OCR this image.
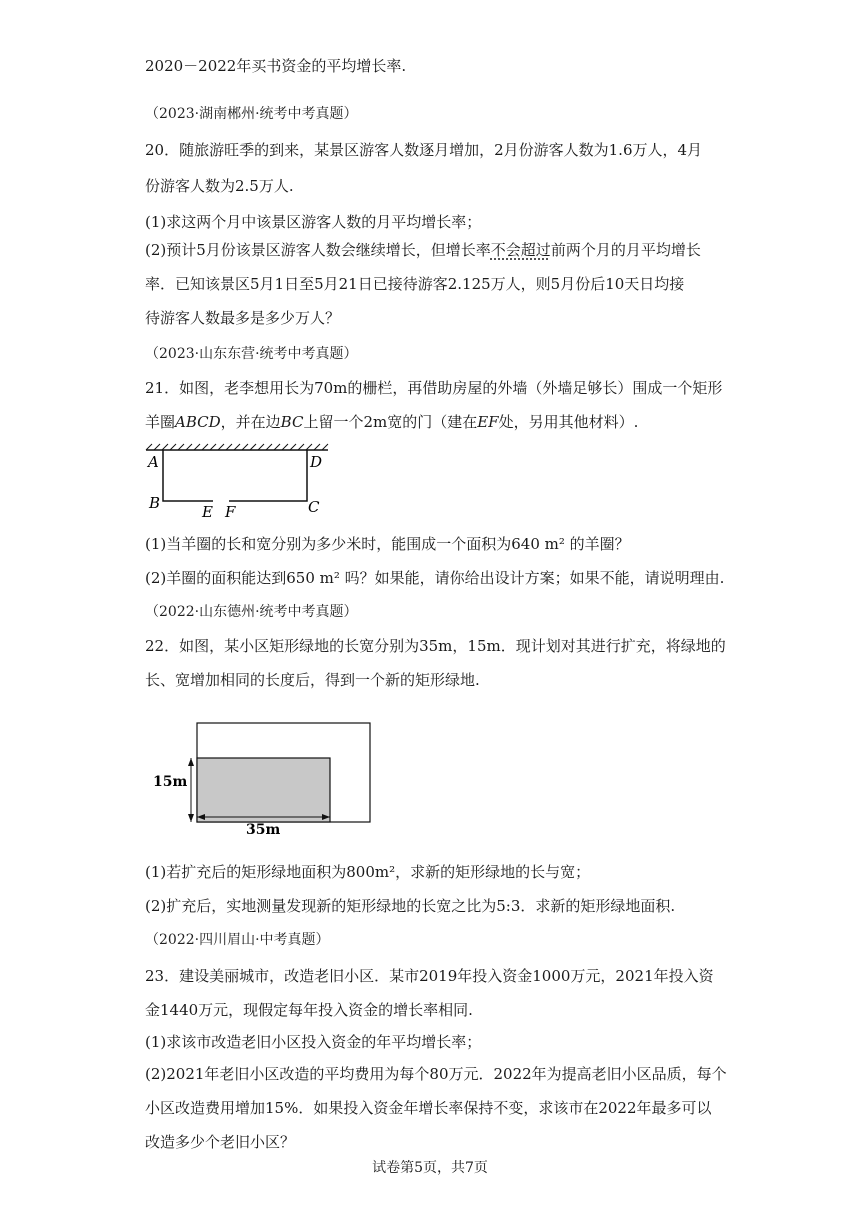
2020－2022年买书资金的平均增长率.
（2023·湖南郴州·统考中考真题）
20．随旅游旺季的到来，某景区游客人数逐月增加，2月份游客人数为1.6万人，4月
份游客人数为2.5万人.
(1)求这两个月中该景区游客人数的月平均增长率；
(2)预计5月份该景区游客人数会继续增长，但增长率不会超过前两个月的月平均增长
率．已知该景区5月1日至5月21日已接待游客2.125万人，则5月份后10天日均接
待游客人数最多是多少万人？
（2023·山东东营·统考中考真题）
21．如图，老李想用长为70m的栅栏，再借助房屋的外墙（外墙足够长）围成一个矩形
羊圈ABCD，并在边BC上留一个2m宽的门（建在EF处，另用其他材料）.
A	D
B	C
E F
(1)当羊圈的长和宽分别为多少米时，能围成一个面积为640 m² 的羊圈？
(2)羊圈的面积能达到650 m² 吗？如果能，请你给出设计方案；如果不能，请说明理由.
（2022·山东德州·统考中考真题）
22．如图，某小区矩形绿地的长宽分别为35m，15m．现计划对其进行扩充，将绿地的
长、宽增加相同的长度后，得到一个新的矩形绿地.
15m
35m
(1)若扩充后的矩形绿地面积为800m²，求新的矩形绿地的长与宽；
(2)扩充后，实地测量发现新的矩形绿地的长宽之比为5:3．求新的矩形绿地面积.
（2022·四川眉山·中考真题）
23．建设美丽城市，改造老旧小区．某市2019年投入资金1000万元，2021年投入资
金1440万元，现假定每年投入资金的增长率相同.
(1)求该市改造老旧小区投入资金的年平均增长率；
(2)2021年老旧小区改造的平均费用为每个80万元．2022年为提高老旧小区品质，每个
小区改造费用增加15%．如果投入资金年增长率保持不变，求该市在2022年最多可以
改造多少个老旧小区？
试卷第5页，共7页
